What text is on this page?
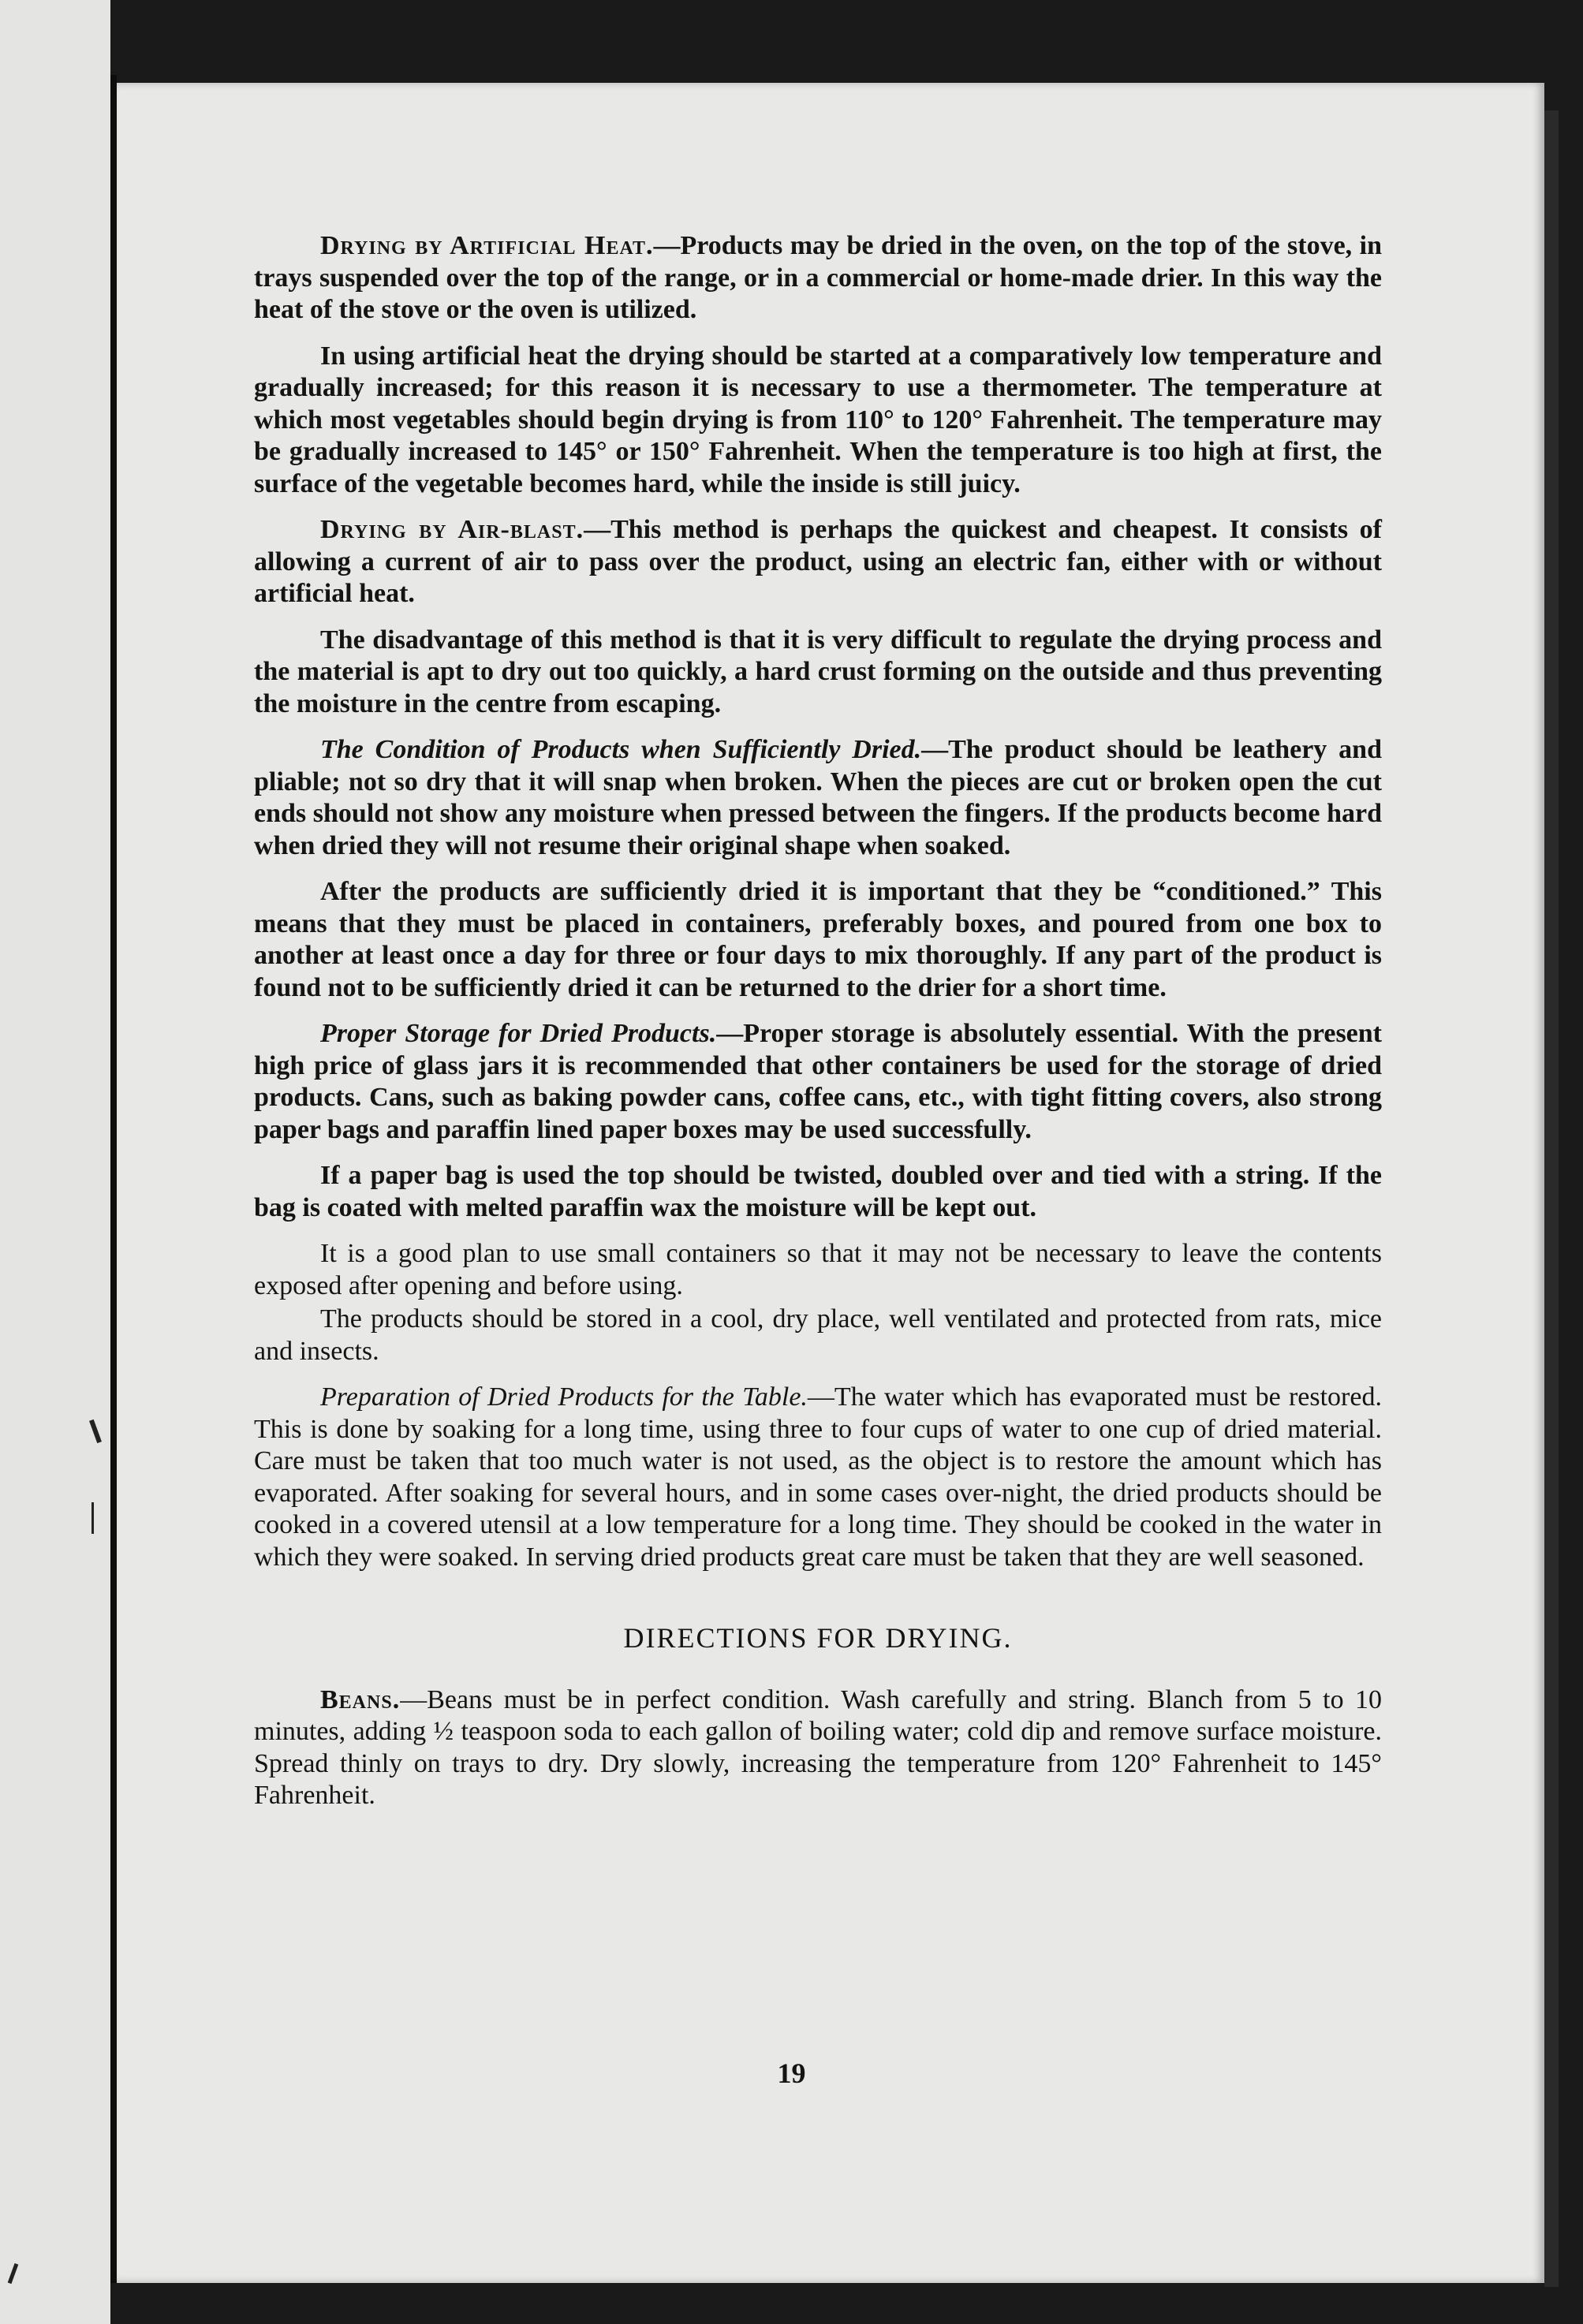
Drying by Artificial Heat.—Products may be dried in the oven, on the top of the stove, in trays suspended over the top of the range, or in a commercial or home-made drier. In this way the heat of the stove or the oven is utilized.

In using artificial heat the drying should be started at a comparatively low temperature and gradually increased; for this reason it is necessary to use a thermometer. The temperature at which most vegetables should begin drying is from 110° to 120° Fahrenheit. The temperature may be gradually increased to 145° or 150° Fahrenheit. When the temperature is too high at first, the surface of the vegetable becomes hard, while the inside is still juicy.

Drying by Air-blast.—This method is perhaps the quickest and cheapest. It consists of allowing a current of air to pass over the product, using an electric fan, either with or without artificial heat.

The disadvantage of this method is that it is very difficult to regulate the drying process and the material is apt to dry out too quickly, a hard crust forming on the outside and thus preventing the moisture in the centre from escaping.

The Condition of Products when Sufficiently Dried.—The product should be leathery and pliable; not so dry that it will snap when broken. When the pieces are cut or broken open the cut ends should not show any moisture when pressed between the fingers. If the products become hard when dried they will not resume their original shape when soaked.

After the products are sufficiently dried it is important that they be “conditioned.” This means that they must be placed in containers, preferably boxes, and poured from one box to another at least once a day for three or four days to mix thoroughly. If any part of the product is found not to be sufficiently dried it can be returned to the drier for a short time.

Proper Storage for Dried Products.—Proper storage is absolutely essential. With the present high price of glass jars it is recommended that other containers be used for the storage of dried products. Cans, such as baking powder cans, coffee cans, etc., with tight fitting covers, also strong paper bags and paraffin lined paper boxes may be used successfully.

If a paper bag is used the top should be twisted, doubled over and tied with a string. If the bag is coated with melted paraffin wax the moisture will be kept out.

It is a good plan to use small containers so that it may not be necessary to leave the contents exposed after opening and before using.

The products should be stored in a cool, dry place, well ventilated and protected from rats, mice and insects.

Preparation of Dried Products for the Table.—The water which has evaporated must be restored. This is done by soaking for a long time, using three to four cups of water to one cup of dried material. Care must be taken that too much water is not used, as the object is to restore the amount which has evaporated. After soaking for several hours, and in some cases over-night, the dried products should be cooked in a covered utensil at a low temperature for a long time. They should be cooked in the water in which they were soaked. In serving dried products great care must be taken that they are well seasoned.

DIRECTIONS FOR DRYING.

Beans.—Beans must be in perfect condition. Wash carefully and string. Blanch from 5 to 10 minutes, adding ½ teaspoon soda to each gallon of boiling water; cold dip and remove surface moisture. Spread thinly on trays to dry. Dry slowly, increasing the temperature from 120° Fahrenheit to 145° Fahrenheit.

19
